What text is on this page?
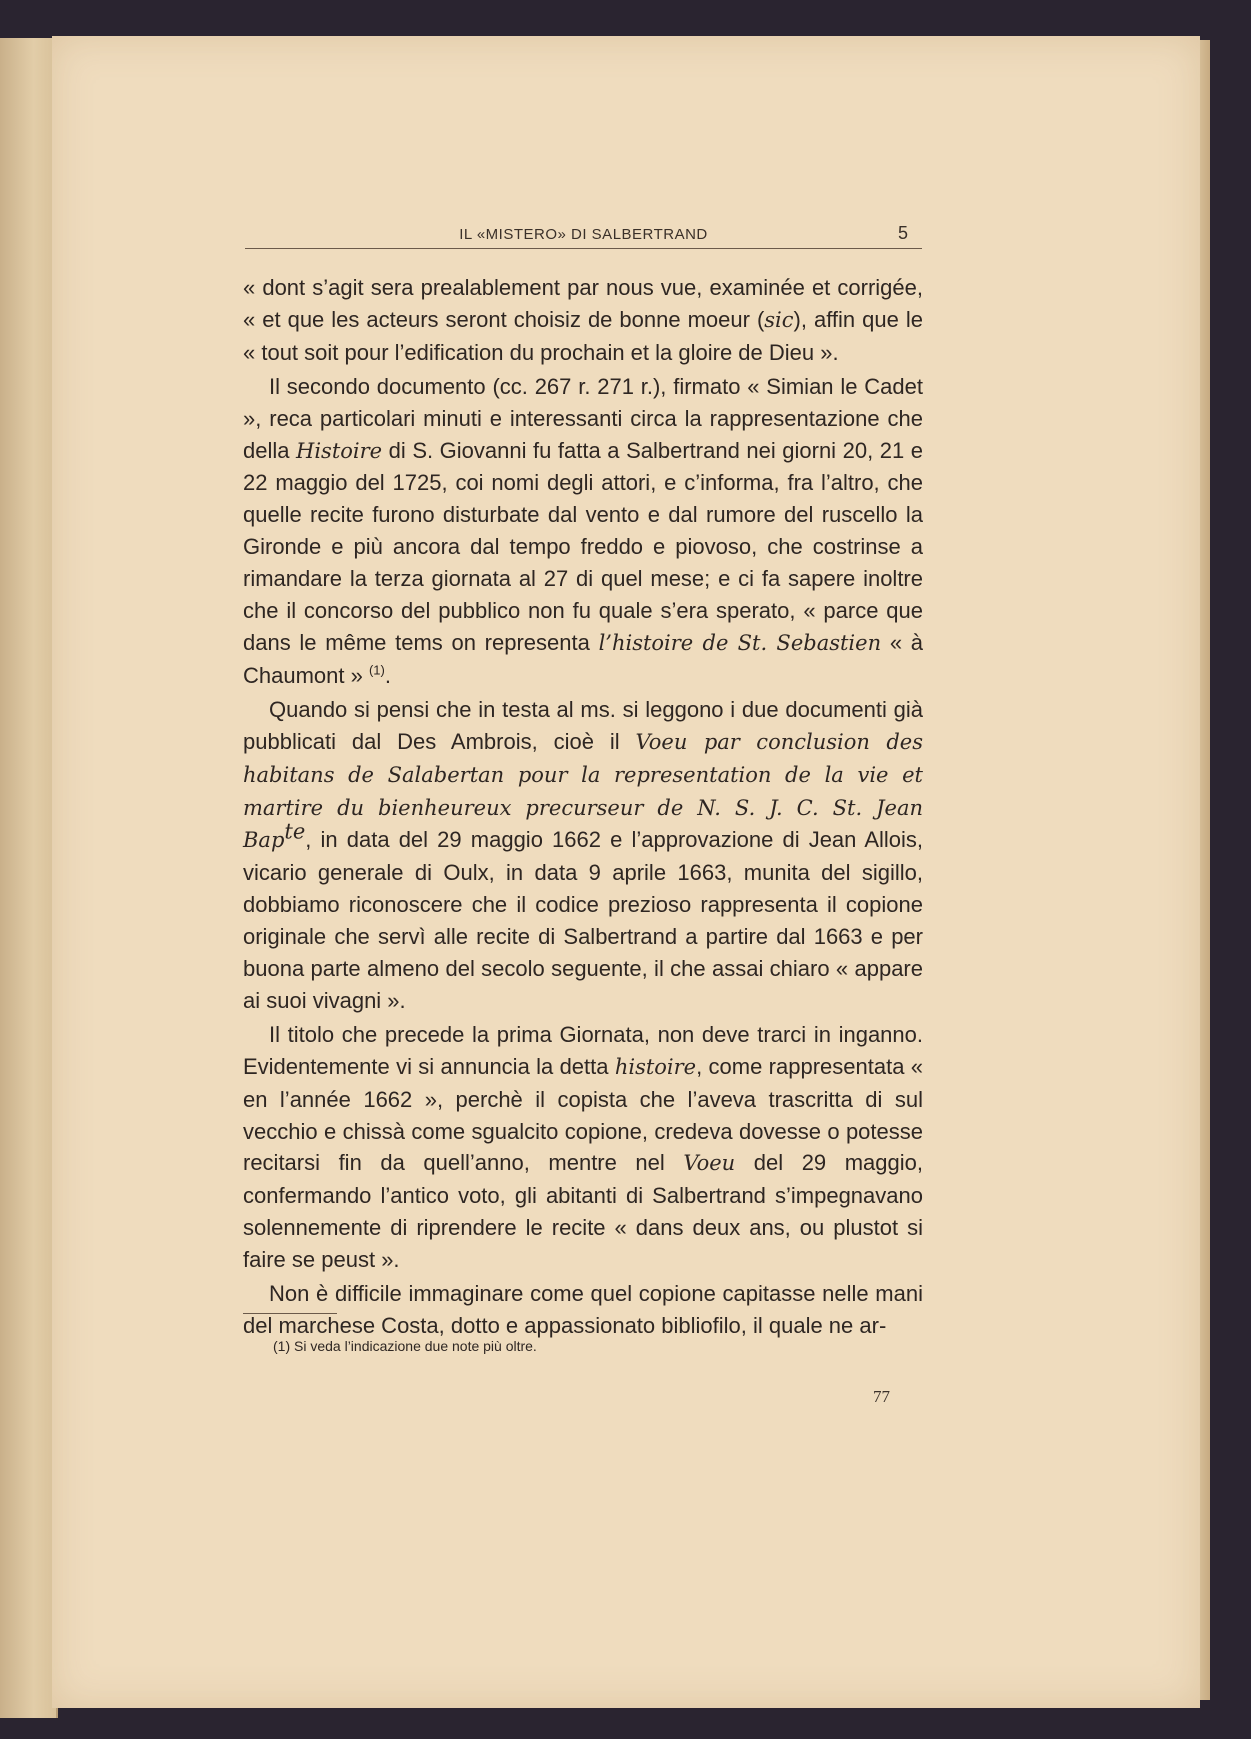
IL «MISTERO» DI SALBERTRAND	5

« dont s’agit sera prealablement par nous vue, examinée et corrigée, « et que les acteurs seront choisiz de bonne moeur (sic), affin que le « tout soit pour l’edification du prochain et la gloire de Dieu ».

Il secondo documento (cc. 267 r. 271 r.), firmato « Simian le Cadet », reca particolari minuti e interessanti circa la rappresentazione che della Histoire di S. Giovanni fu fatta a Salbertrand nei giorni 20, 21 e 22 maggio del 1725, coi nomi degli attori, e c’informa, fra l’altro, che quelle recite furono disturbate dal vento e dal rumore del ruscello la Gironde e più ancora dal tempo freddo e piovoso, che costrinse a rimandare la terza giornata al 27 di quel mese; e ci fa sapere inoltre che il concorso del pubblico non fu quale s’era sperato, « parce que dans le même tems on representa l’histoire de St. Sebastien « à Chaumont » $^{(1)}$.

Quando si pensi che in testa al ms. si leggono i due documenti già pubblicati dal Des Ambrois, cioè il Voeu par conclusion des habitans de Salabertan pour la representation de la vie et martire du bienheureux precurseur de N. S. J. C. St. Jean Bap$^{te}$, in data del 29 maggio 1662 e l’approvazione di Jean Allois, vicario generale di Oulx, in data 9 aprile 1663, munita del sigillo, dobbiamo riconoscere che il codice prezioso rappresenta il copione originale che servì alle recite di Salbertrand a partire dal 1663 e per buona parte almeno del secolo seguente, il che assai chiaro « appare ai suoi vivagni ».

Il titolo che precede la prima Giornata, non deve trarci in inganno. Evidentemente vi si annuncia la detta histoire, come rappresentata « en l’année 1662 », perchè il copista che l’aveva trascritta di sul vecchio e chissà come sgualcito copione, credeva dovesse o potesse recitarsi fin da quell’anno, mentre nel Voeu del 29 maggio, confermando l’antico voto, gli abitanti di Salbertrand s’impegnavano solennemente di riprendere le recite « dans deux ans, ou plustot si faire se peust ».

Non è difficile immaginare come quel copione capitasse nelle mani del marchese Costa, dotto e appassionato bibliofilo, il quale ne ar-

(1) Si veda l’indicazione due note più oltre.
77
